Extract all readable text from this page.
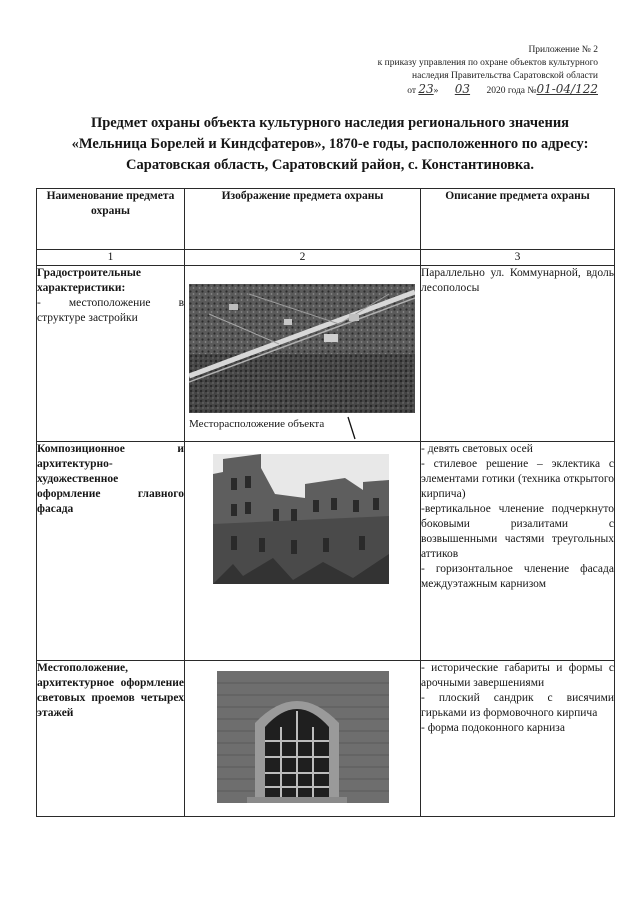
Приложение № 2
к приказу управления по охране объектов культурного
наследия Правительства Саратовской области
от 23» 03 2020 года №01-04/122
Предмет охраны объекта культурного наследия регионального значения «Мельница Борелей и Киндсфатеров», 1870-е годы, расположенного по адресу: Саратовская область, Саратовский район, с. Константиновка.
Наименование предмета охраны	Изображение предмета охраны	Описание предмета охраны
1	2	3

Градостроительные характеристики:
- местоположение в структуре застройки	Месторасположение объекта	Параллельно ул. Коммунарной, вдоль лесополосы

Композиционное и архитектурно-художественное оформление главного фасада		- девять световых осей

- стилевое решение – эклектика с элементами готики (техника открытого кирпича)

-вертикальное членение подчеркнуто боковыми ризалитами с возвышенными частями треугольных аттиков

- горизонтальное членение фасада междуэтажным карнизом

Местоположение, архитектурное оформление световых проемов четырех этажей		- исторические габариты и формы с арочными завершениями

- плоский сандрик с висячими гирьками из формовочного кирпича

- форма подоконного карниза
